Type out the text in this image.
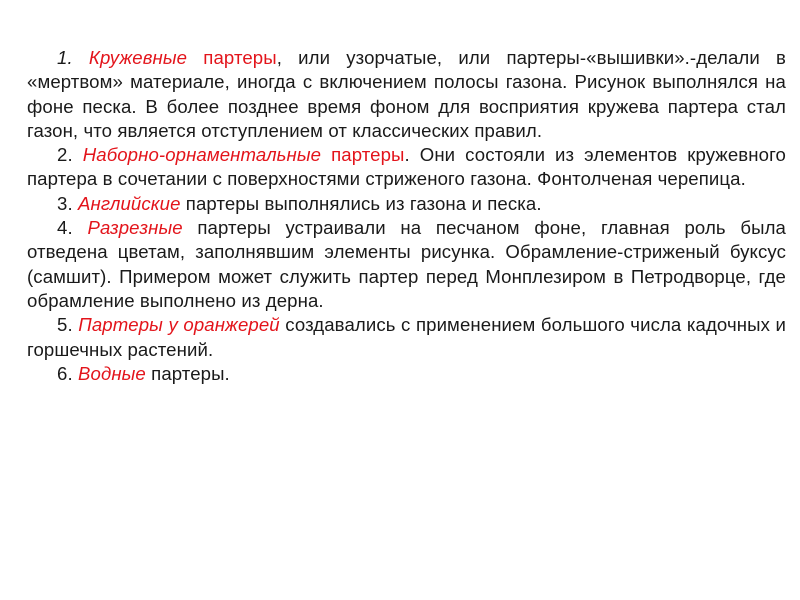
1. Кружевные партеры, или узорчатые, или партеры-«вышивки».-делали в «мертвом» материале, иногда с включением полосы газона. Рисунок выполнялся на фоне песка. В более позднее время фоном для восприятия кружева партера стал газон, что является отступлением от классических правил.

2. Наборно-орнаментальные партеры. Они состояли из элементов кружевного партера в сочетании с поверхностями стриженого газона. Фонтолченая черепица.

3. Английские партеры выполнялись из газона и песка.

4. Разрезные партеры устраивали на песчаном фоне, главная роль была отведена цветам, заполнявшим элементы рисунка. Обрамление-стриженый буксус (самшит). Примером может служить партер перед Монплезиром в Петродворце, где обрамление выполнено из дерна.

5. Партеры у оранжерей создавались с применением большого числа кадочных и горшечных растений.

6. Водные партеры.
